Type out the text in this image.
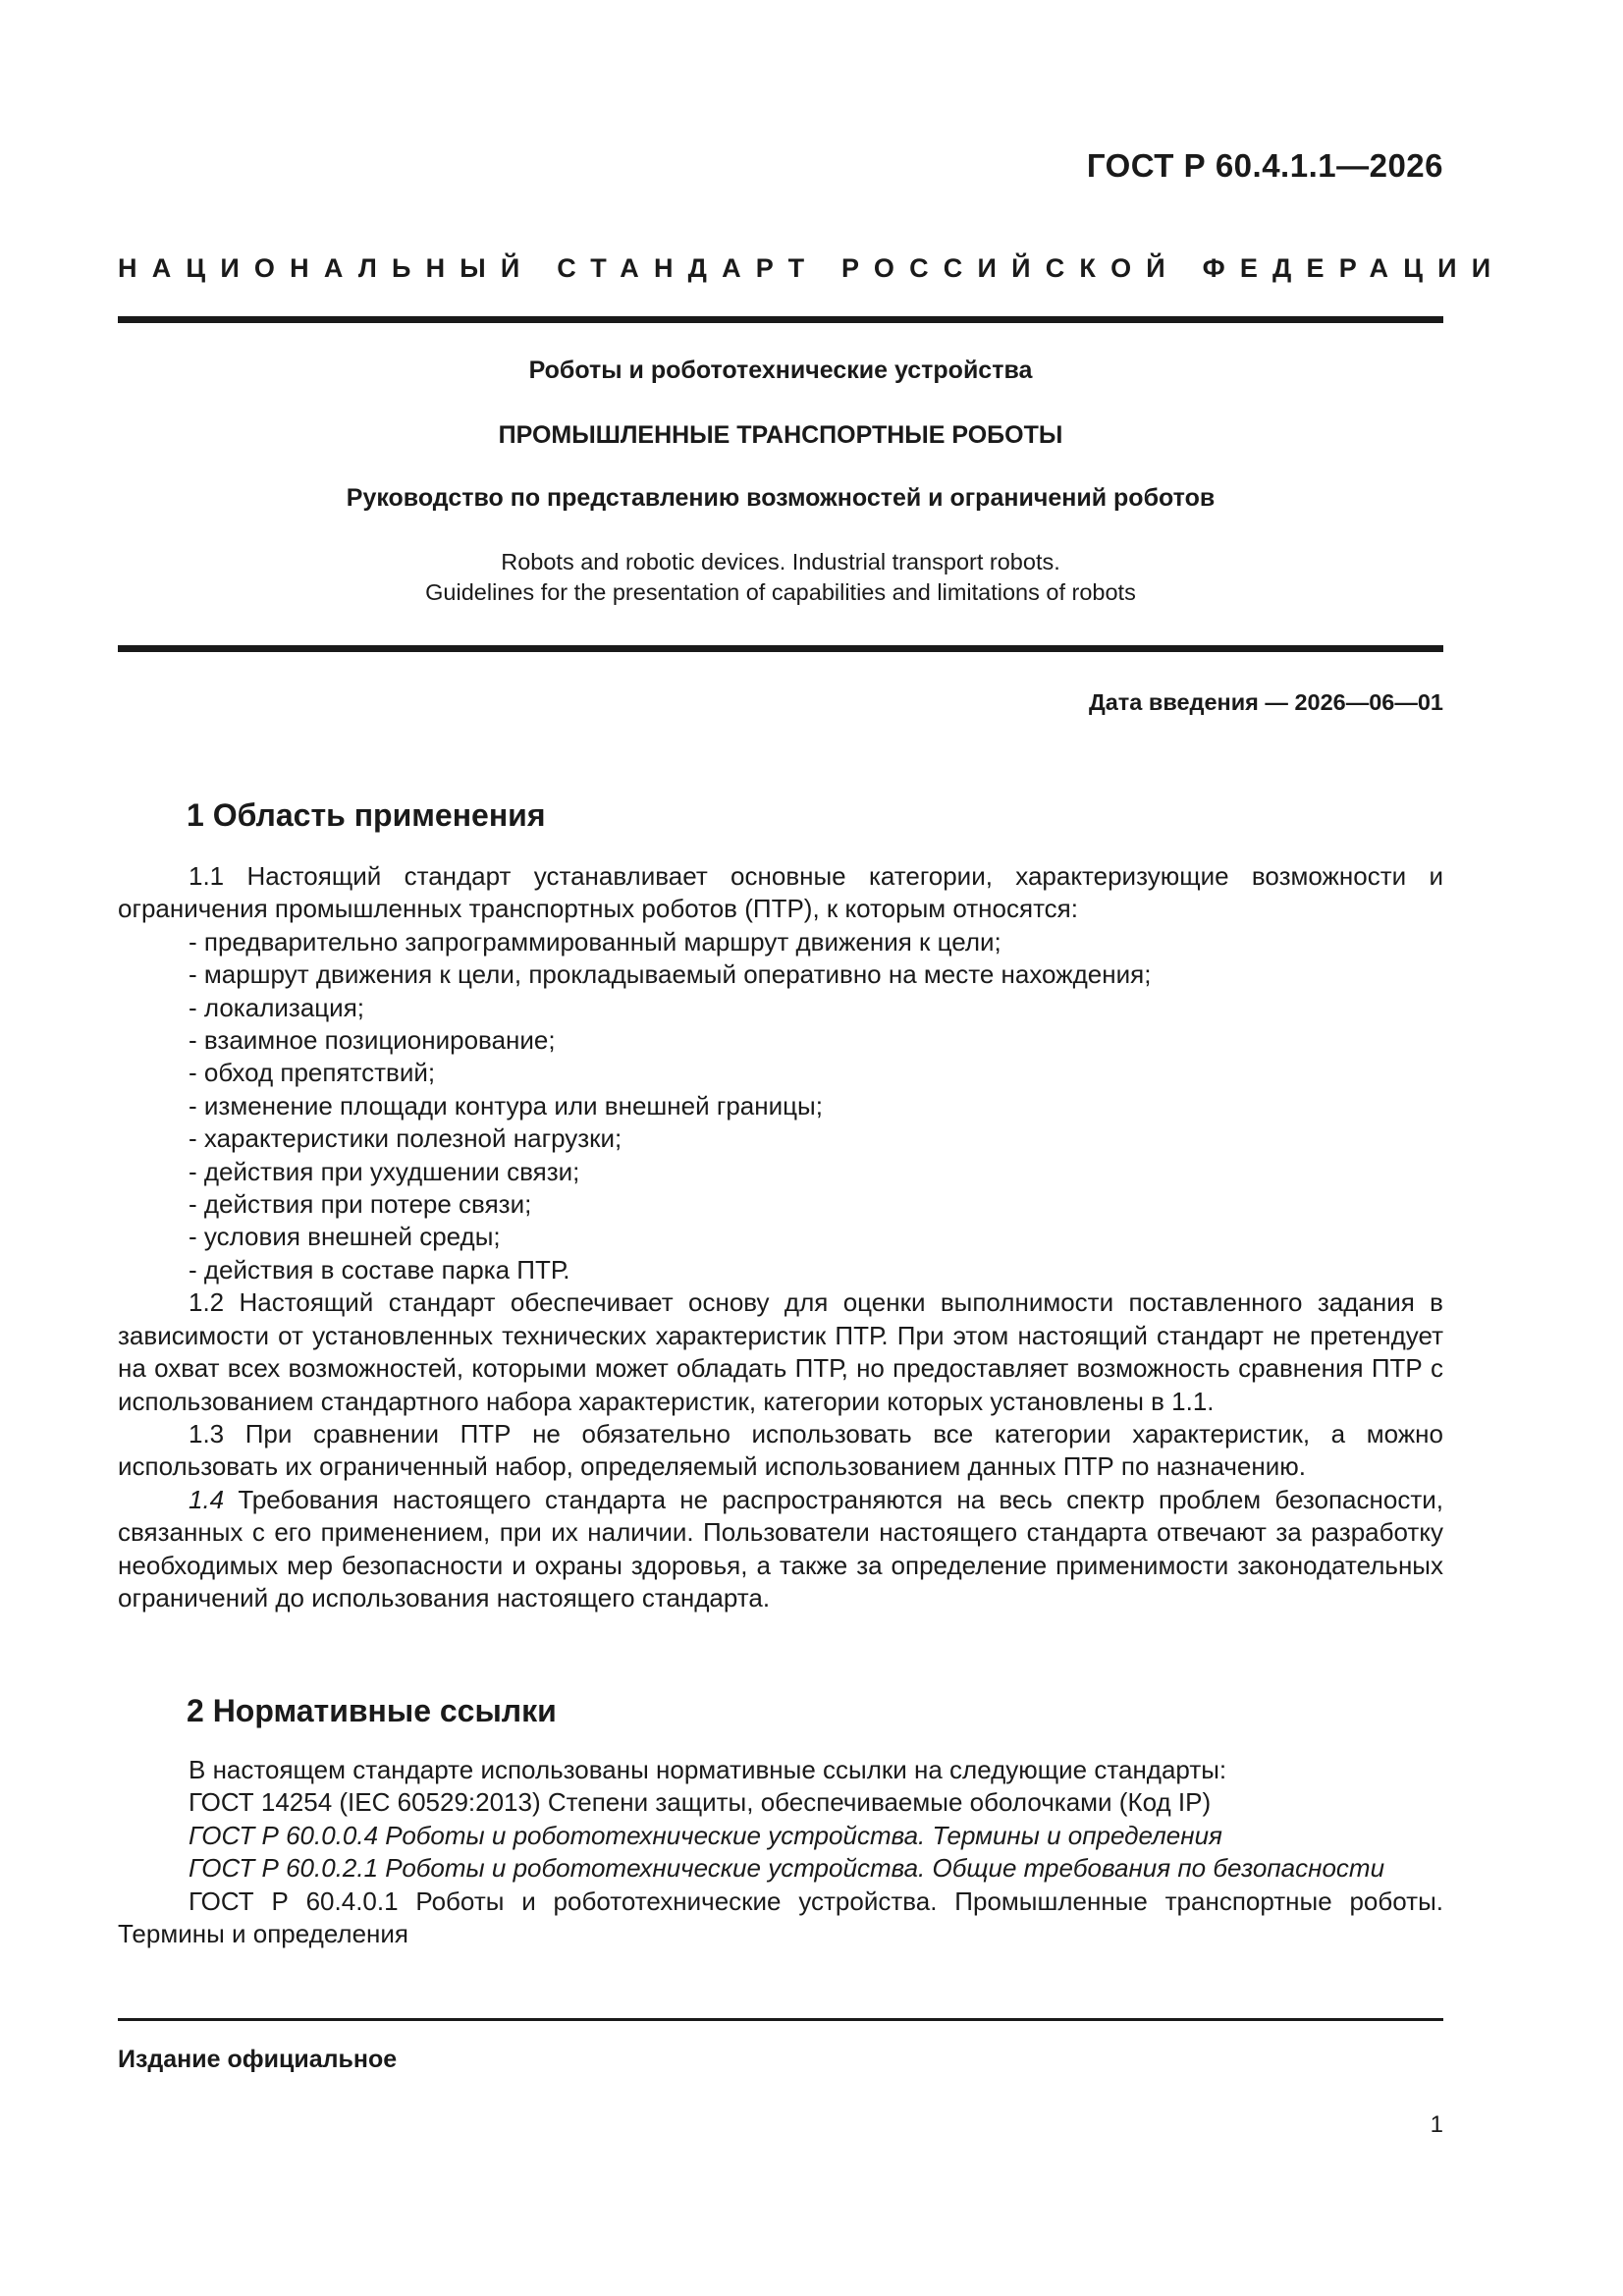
ГОСТ Р 60.4.1.1—2026
НАЦИОНАЛЬНЫЙ СТАНДАРТ РОССИЙСКОЙ ФЕДЕРАЦИИ
Роботы и робототехнические устройства
ПРОМЫШЛЕННЫЕ ТРАНСПОРТНЫЕ РОБОТЫ
Руководство по представлению возможностей и ограничений роботов
Robots and robotic devices. Industrial transport robots.
Guidelines for the presentation of capabilities and limitations of robots
Дата введения — 2026—06—01
1 Область применения

1.1 Настоящий стандарт устанавливает основные категории, характеризующие возможности и ограничения промышленных транспортных роботов (ПТР), к которым относятся:

- предварительно запрограммированный маршрут движения к цели;

- маршрут движения к цели, прокладываемый оперативно на месте нахождения;

- локализация;

- взаимное позиционирование;

- обход препятствий;

- изменение площади контура или внешней границы;

- характеристики полезной нагрузки;

- действия при ухудшении связи;

- действия при потере связи;

- условия внешней среды;

- действия в составе парка ПТР.

1.2 Настоящий стандарт обеспечивает основу для оценки выполнимости поставленного задания в зависимости от установленных технических характеристик ПТР. При этом настоящий стандарт не претендует на охват всех возможностей, которыми может обладать ПТР, но предоставляет возможность сравнения ПТР с использованием стандартного набора характеристик, категории которых установлены в 1.1.

1.3 При сравнении ПТР не обязательно использовать все категории характеристик, а можно использовать их ограниченный набор, определяемый использованием данных ПТР по назначению.

1.4 Требования настоящего стандарта не распространяются на весь спектр проблем безопасности, связанных с его применением, при их наличии. Пользователи настоящего стандарта отвечают за разработку необходимых мер безопасности и охраны здоровья, а также за определение применимости законодательных ограничений до использования настоящего стандарта.

2 Нормативные ссылки

В настоящем стандарте использованы нормативные ссылки на следующие стандарты:

ГОСТ 14254 (IEC 60529:2013) Степени защиты, обеспечиваемые оболочками (Код IP)

ГОСТ Р 60.0.0.4 Роботы и робототехнические устройства. Термины и определения

ГОСТ Р 60.0.2.1 Роботы и робототехнические устройства. Общие требования по безопасности

ГОСТ Р 60.4.0.1 Роботы и робототехнические устройства. Промышленные транспортные роботы. Термины и определения

Издание официальное
1
